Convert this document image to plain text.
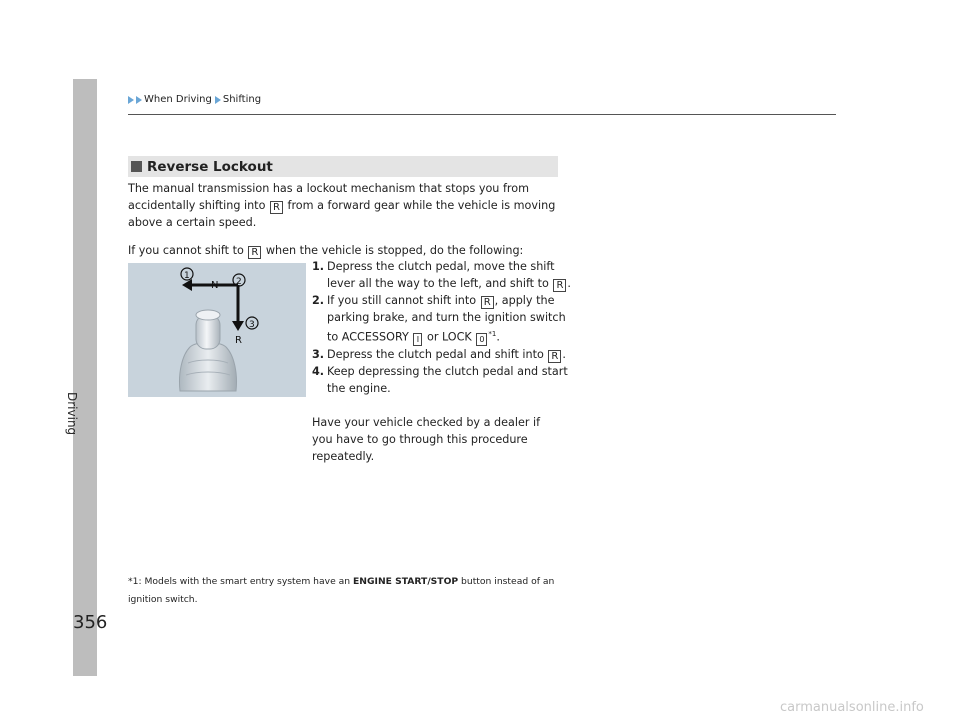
Driving
When Driving Shifting
Reverse Lockout
The manual transmission has a lockout mechanism that stops you from accidentally shifting into R from a forward gear while the vehicle is moving above a certain speed.
If you cannot shift to R when the vehicle is stopped, do the following:
N
R
1
2
3
1. Depress the clutch pedal, move the shift lever all the way to the left, and shift to R .
2. If you still cannot shift into R , apply the parking brake, and turn the ignition switch to ACCESSORY I or LOCK 0$^{*1}$.
3. Depress the clutch pedal and shift into R .
4. Keep depressing the clutch pedal and start the engine.
Have your vehicle checked by a dealer if you have to go through this procedure repeatedly.
*1: Models with the smart entry system have an ENGINE START/STOP button instead of an ignition switch.
356
carmanualsonline.info
